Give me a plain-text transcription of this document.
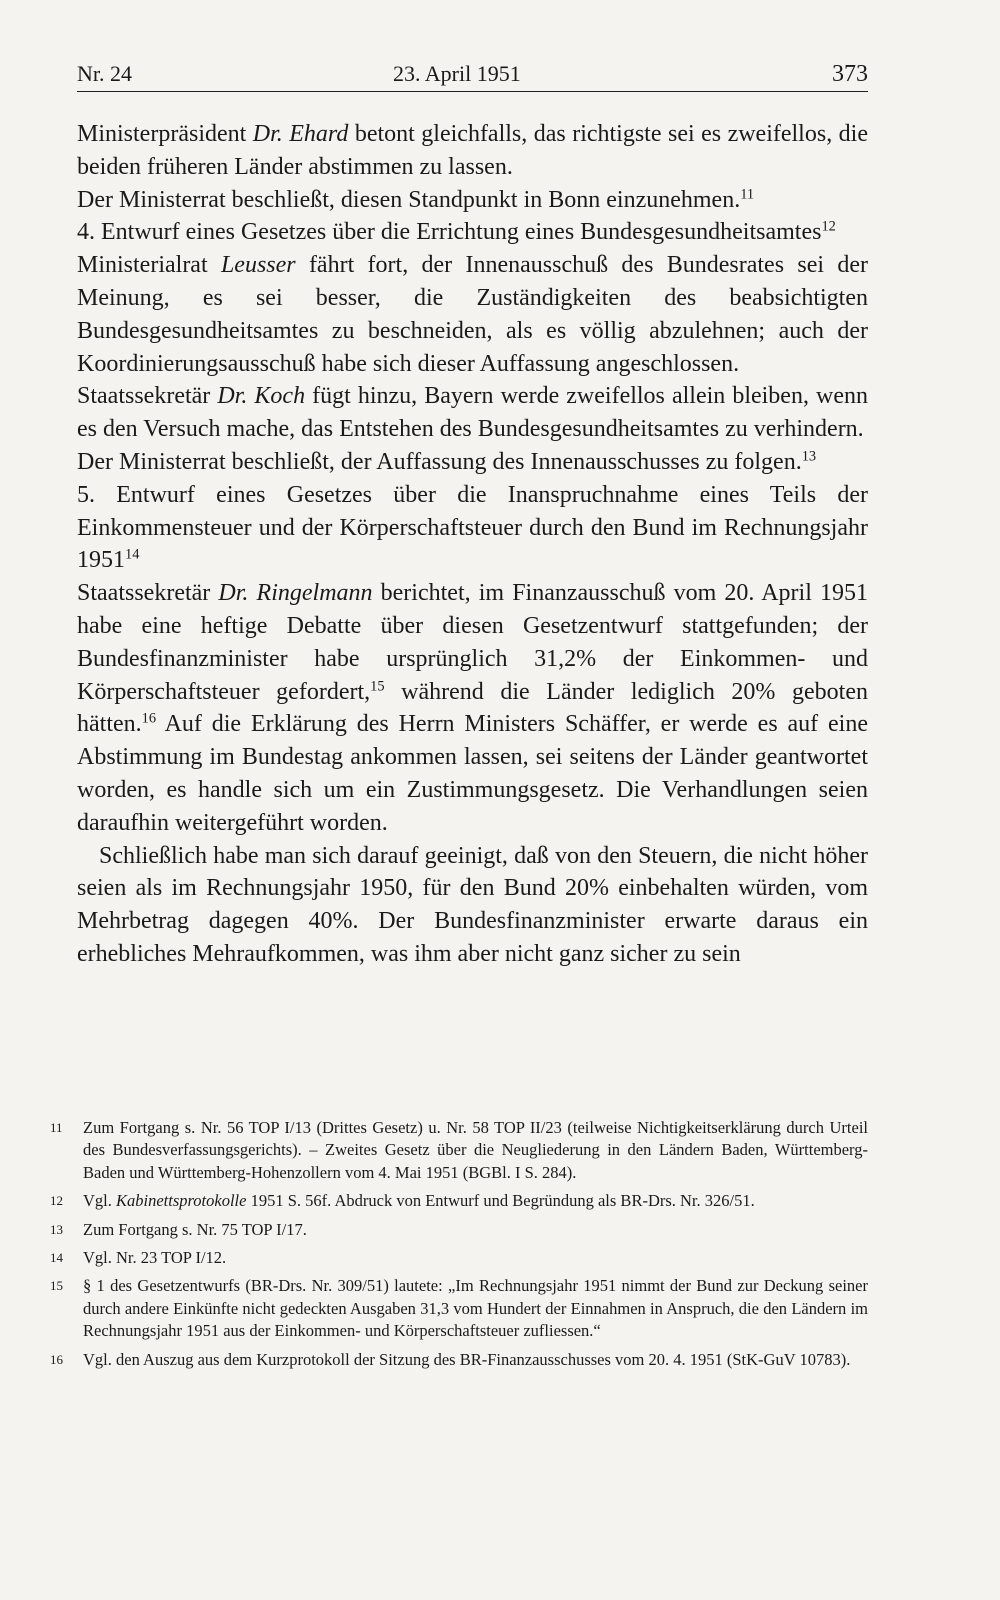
Nr. 24	23. April 1951	373

Ministerpräsident Dr. Ehard betont gleichfalls, das richtigste sei es zweifellos, die beiden früheren Länder abstimmen zu lassen.

Der Ministerrat beschließt, diesen Standpunkt in Bonn einzunehmen.$^{11}$

4. Entwurf eines Gesetzes über die Errichtung eines Bundesgesundheitsamtes$^{12}$

Ministerialrat Leusser fährt fort, der Innenausschuß des Bundesrates sei der Meinung, es sei besser, die Zuständigkeiten des beabsichtigten Bundesgesundheitsamtes zu beschneiden, als es völlig abzulehnen; auch der Koordinierungsausschuß habe sich dieser Auffassung angeschlossen.

Staatssekretär Dr. Koch fügt hinzu, Bayern werde zweifellos allein bleiben, wenn es den Versuch mache, das Entstehen des Bundesgesundheitsamtes zu verhindern.

Der Ministerrat beschließt, der Auffassung des Innenausschusses zu folgen.$^{13}$

5. Entwurf eines Gesetzes über die Inanspruchnahme eines Teils der Einkommensteuer und der Körperschaftsteuer durch den Bund im Rechnungsjahr 1951$^{14}$

Staatssekretär Dr. Ringelmann berichtet, im Finanzausschuß vom 20. April 1951 habe eine heftige Debatte über diesen Gesetzentwurf stattgefunden; der Bundesfinanzminister habe ursprünglich 31,2% der Einkommen- und Körperschaftsteuer gefordert,$^{15}$ während die Länder lediglich 20% geboten hätten.$^{16}$ Auf die Erklärung des Herrn Ministers Schäffer, er werde es auf eine Abstimmung im Bundestag ankommen lassen, sei seitens der Länder geantwortet worden, es handle sich um ein Zustimmungsgesetz. Die Verhandlungen seien daraufhin weitergeführt worden.

Schließlich habe man sich darauf geeinigt, daß von den Steuern, die nicht höher seien als im Rechnungsjahr 1950, für den Bund 20% einbehalten würden, vom Mehrbetrag dagegen 40%. Der Bundesfinanzminister erwarte daraus ein erhebliches Mehraufkommen, was ihm aber nicht ganz sicher zu sein

11 Zum Fortgang s. Nr. 56 TOP I/13 (Drittes Gesetz) u. Nr. 58 TOP II/23 (teilweise Nichtigkeitserklärung durch Urteil des Bundesverfassungsgerichts). – Zweites Gesetz über die Neugliederung in den Ländern Baden, Württemberg-Baden und Württemberg-Hohenzollern vom 4. Mai 1951 (BGBl. I S. 284).
12 Vgl. Kabinettsprotokolle 1951 S. 56f. Abdruck von Entwurf und Begründung als BR-Drs. Nr. 326/51.
13 Zum Fortgang s. Nr. 75 TOP I/17.
14 Vgl. Nr. 23 TOP I/12.
15 § 1 des Gesetzentwurfs (BR-Drs. Nr. 309/51) lautete: „Im Rechnungsjahr 1951 nimmt der Bund zur Deckung seiner durch andere Einkünfte nicht gedeckten Ausgaben 31,3 vom Hundert der Einnahmen in Anspruch, die den Ländern im Rechnungsjahr 1951 aus der Einkommen- und Körperschaftsteuer zufliessen.“
16 Vgl. den Auszug aus dem Kurzprotokoll der Sitzung des BR-Finanzausschusses vom 20. 4. 1951 (StK-GuV 10783).
